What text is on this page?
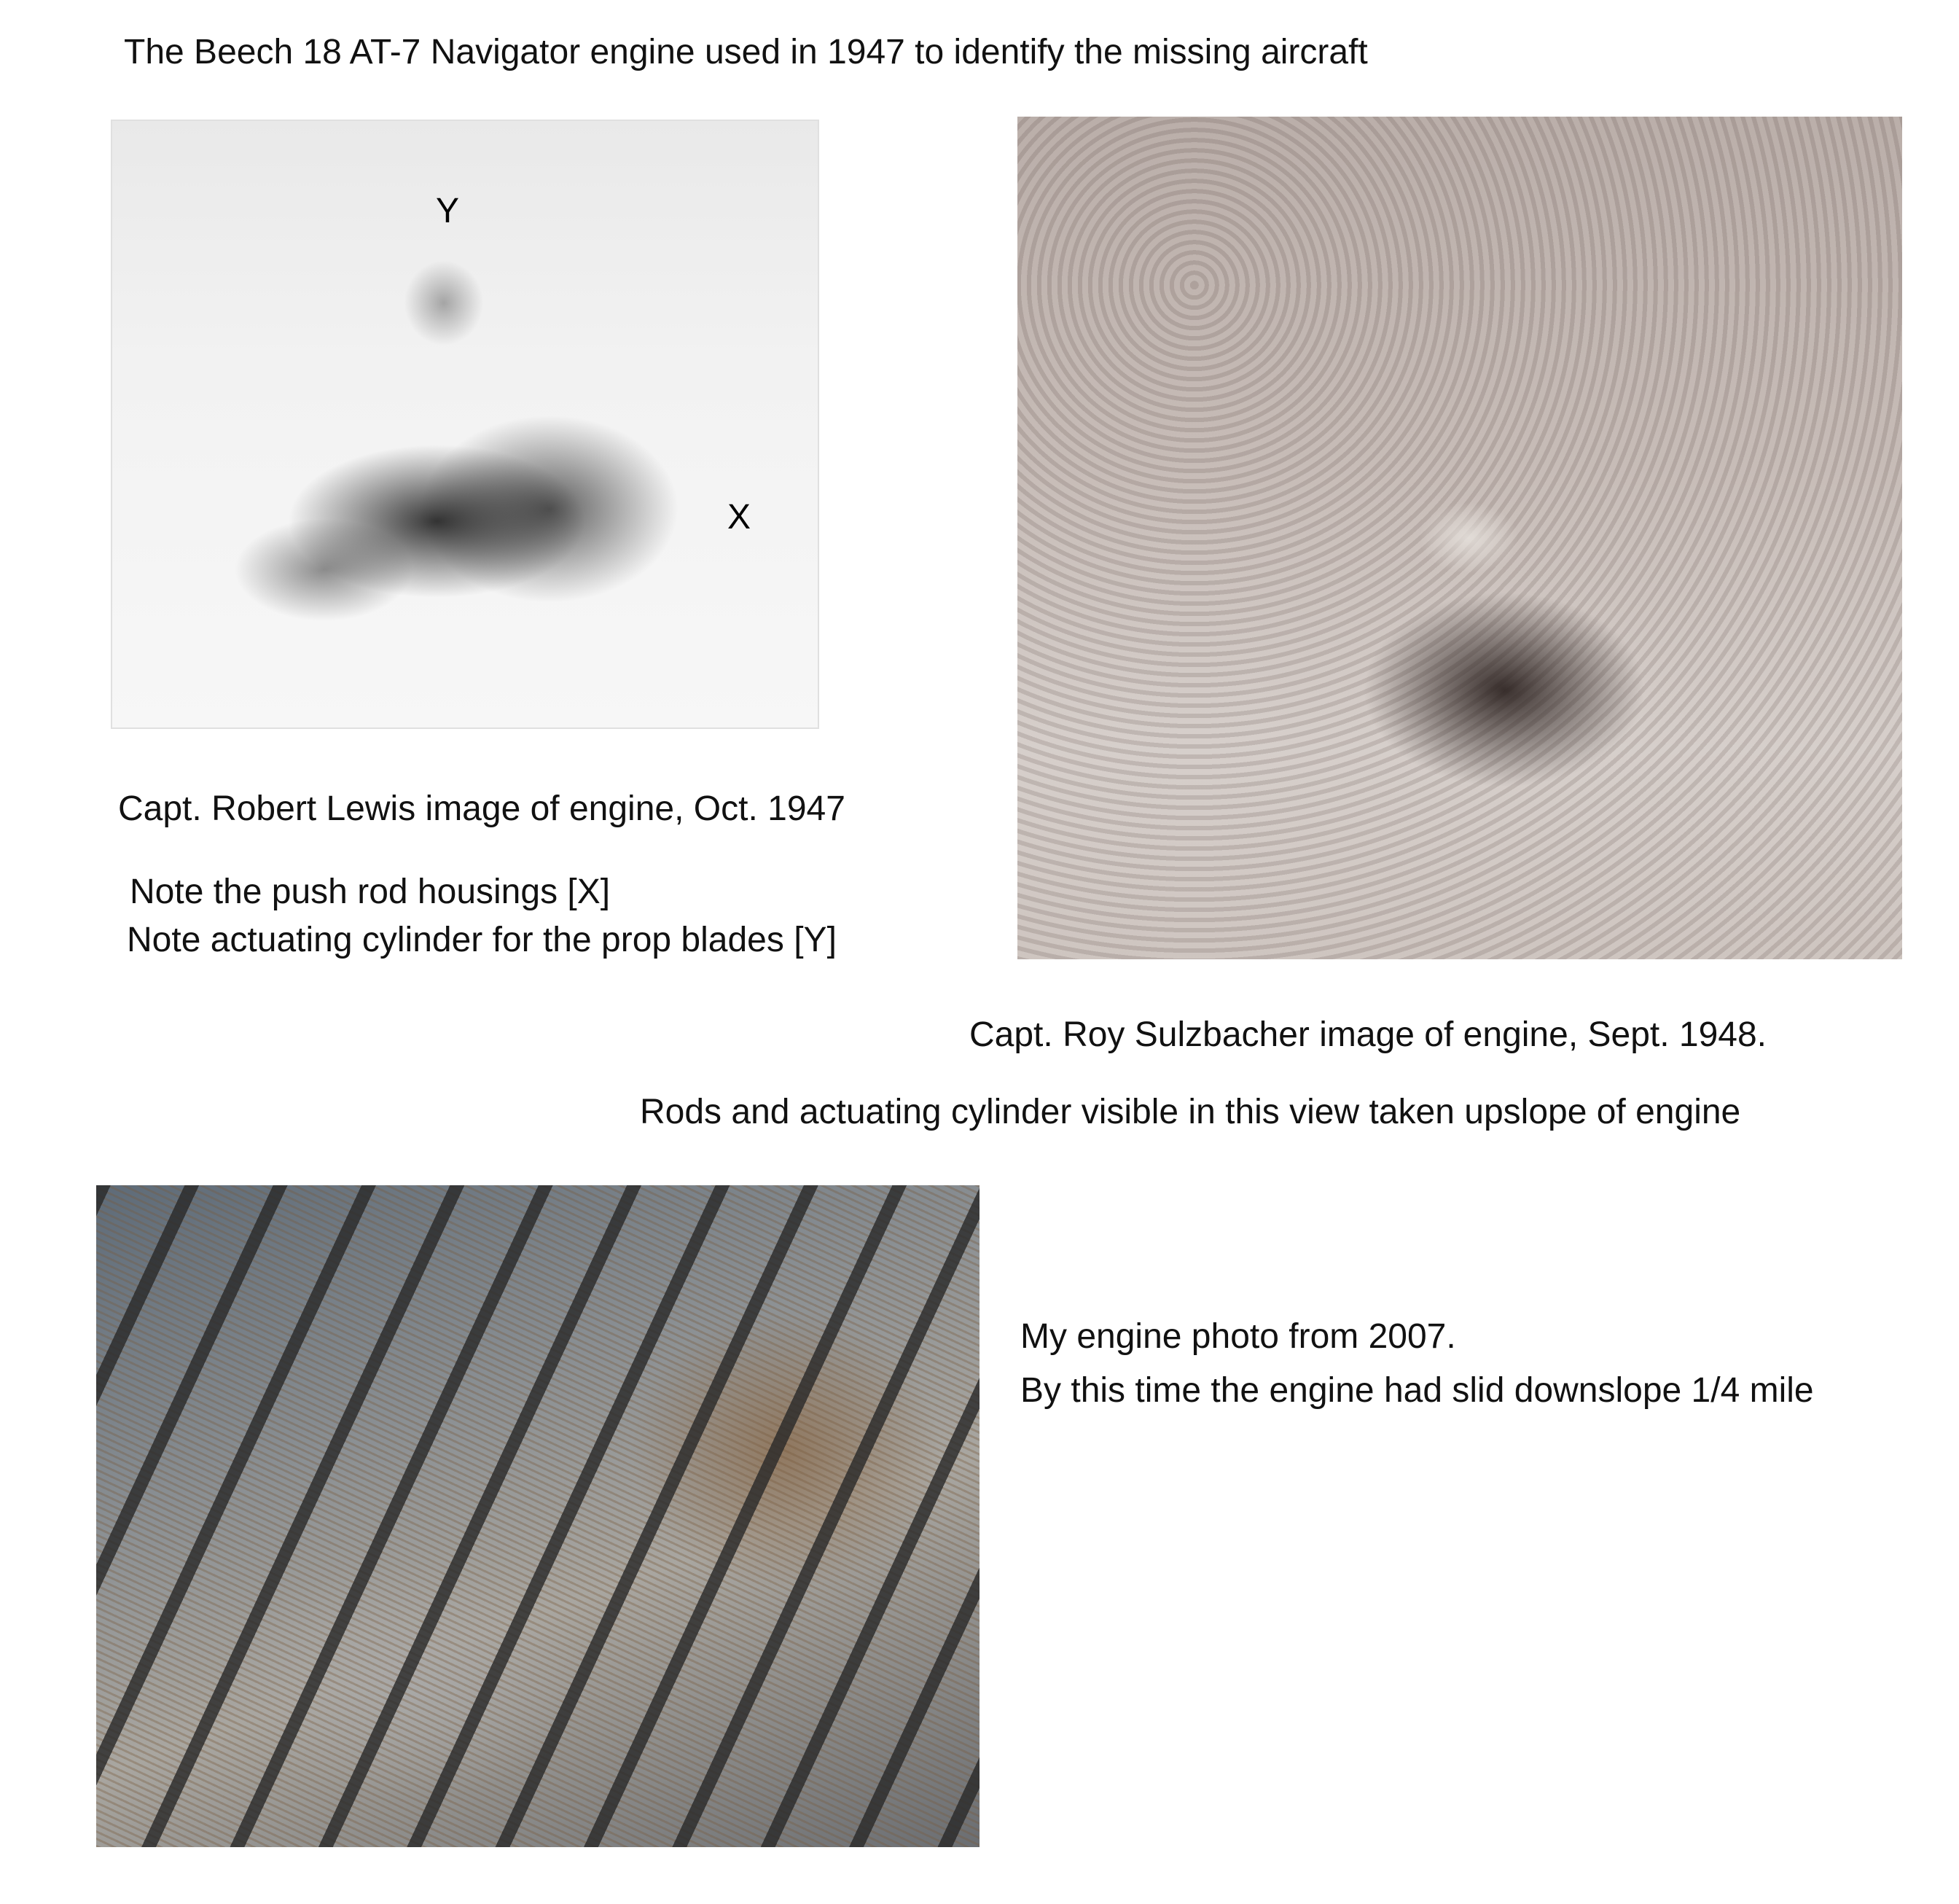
The Beech 18 AT-7 Navigator engine used in 1947 to identify the missing aircraft
Y
X
Capt. Robert Lewis image of engine, Oct. 1947
Note the push rod housings [X]
Note actuating cylinder for the prop blades [Y]
Capt. Roy Sulzbacher image of engine, Sept. 1948.
Rods and actuating cylinder visible in this view taken upslope of engine
My engine photo from 2007.
By this time the engine had slid downslope 1/4 mile
